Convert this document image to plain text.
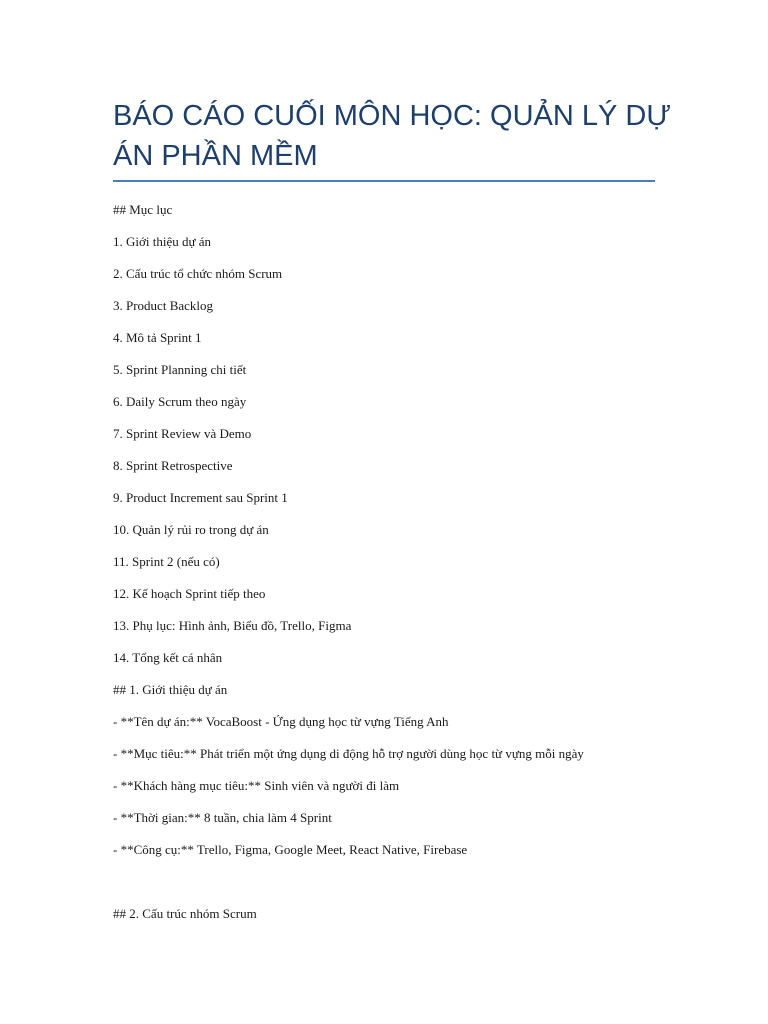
BÁO CÁO CUỐI MÔN HỌC: QUẢN LÝ DỰ ÁN PHẦN MỀM
## Mục lục
1. Giới thiệu dự án
2. Cấu trúc tổ chức nhóm Scrum
3. Product Backlog
4. Mô tả Sprint 1
5. Sprint Planning chi tiết
6. Daily Scrum theo ngày
7. Sprint Review và Demo
8. Sprint Retrospective
9. Product Increment sau Sprint 1
10. Quản lý rủi ro trong dự án
11. Sprint 2 (nếu có)
12. Kế hoạch Sprint tiếp theo
13. Phụ lục: Hình ảnh, Biểu đồ, Trello, Figma
14. Tổng kết cá nhân
## 1. Giới thiệu dự án
- **Tên dự án:** VocaBoost - Ứng dụng học từ vựng Tiếng Anh
- **Mục tiêu:** Phát triển một ứng dụng di động hỗ trợ người dùng học từ vựng mỗi ngày
- **Khách hàng mục tiêu:** Sinh viên và người đi làm
- **Thời gian:** 8 tuần, chia làm 4 Sprint
- **Công cụ:** Trello, Figma, Google Meet, React Native, Firebase
## 2. Cấu trúc nhóm Scrum
